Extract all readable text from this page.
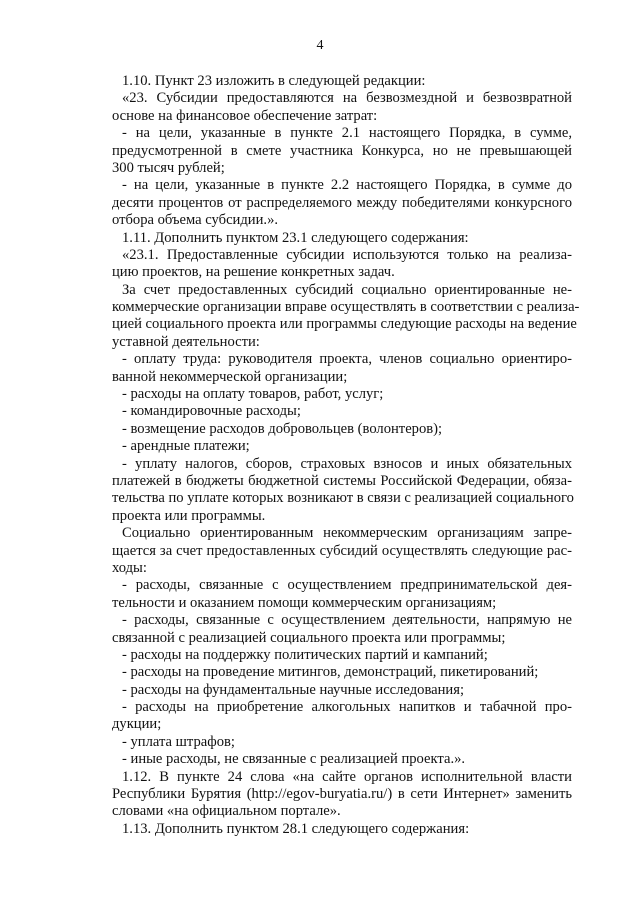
4
1.10. Пункт 23 изложить в следующей редакции:
«23. Субсидии предоставляются на безвозмездной и безвозвратной
основе на финансовое обеспечение затрат:
- на цели, указанные в пункте 2.1 настоящего Порядка, в сумме,
предусмотренной в смете участника Конкурса, но не превышающей
300 тысяч рублей;
- на цели, указанные в пункте 2.2 настоящего Порядка, в сумме до
десяти процентов от распределяемого между победителями конкурсного
отбора объема субсидии.».
1.11. Дополнить пунктом 23.1 следующего содержания:
«23.1. Предоставленные субсидии используются только на реализа-
цию проектов, на решение конкретных задач.
За счет предоставленных субсидий социально ориентированные не-
коммерческие организации вправе осуществлять в соответствии с реализа-
цией социального проекта или программы следующие расходы на ведение
уставной деятельности:
- оплату труда: руководителя проекта, членов социально ориентиро-
ванной некоммерческой организации;
- расходы на оплату товаров, работ, услуг;
- командировочные расходы;
- возмещение расходов добровольцев (волонтеров);
- арендные платежи;
- уплату налогов, сборов, страховых взносов и иных обязательных
платежей в бюджеты бюджетной системы Российской Федерации, обяза-
тельства по уплате которых возникают в связи с реализацией социального
проекта или программы.
Социально ориентированным некоммерческим организациям запре-
щается за счет предоставленных субсидий осуществлять следующие рас-
ходы:
- расходы, связанные с осуществлением предпринимательской дея-
тельности и оказанием помощи коммерческим организациям;
- расходы, связанные с осуществлением деятельности, напрямую не
связанной с реализацией социального проекта или программы;
- расходы на поддержку политических партий и кампаний;
- расходы на проведение митингов, демонстраций, пикетирований;
- расходы на фундаментальные научные исследования;
- расходы на приобретение алкогольных напитков и табачной про-
дукции;
- уплата штрафов;
- иные расходы, не связанные с реализацией проекта.».
1.12. В пункте 24 слова «на сайте органов исполнительной власти
Республики Бурятия (http://egov-buryatia.ru/) в сети Интернет» заменить
словами «на официальном портале».
1.13. Дополнить пунктом 28.1 следующего содержания:
